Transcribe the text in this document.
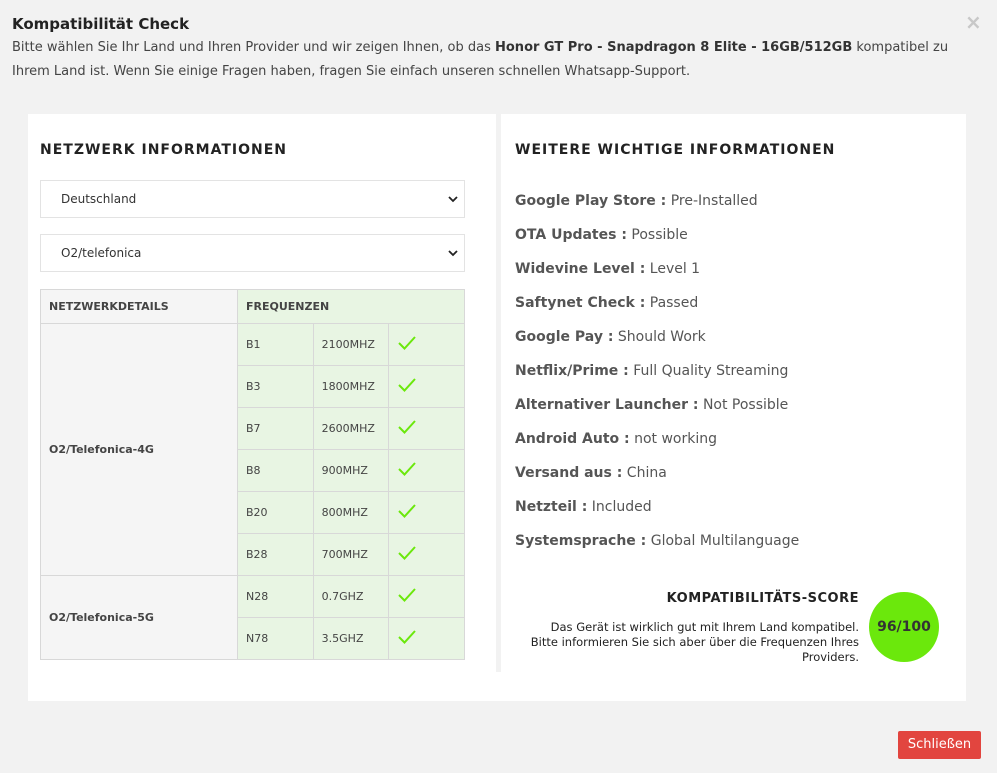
Kompatibilität Check
Bitte wählen Sie Ihr Land und Ihren Provider und wir zeigen Ihnen, ob das Honor GT Pro - Snapdragon 8 Elite - 16GB/512GB kompatibel zu Ihrem Land ist. Wenn Sie einige Fragen haben, fragen Sie einfach unseren schnellen Whatsapp-Support.
×
NETZWERK INFORMATIONEN
Deutschland
O2/telefonica
NETZWERKDETAILS	FREQUENZEN		
O2/Telefonica-4G	B1	2100MHZ	
	B3	1800MHZ	
	B7	2600MHZ	
	B8	900MHZ	
	B20	800MHZ	
	B28	700MHZ	
O2/Telefonica-5G	N28	0.7GHZ	
	N78	3.5GHZ	
WEITERE WICHTIGE INFORMATIONEN
Google Play Store : Pre-Installed
OTA Updates : Possible
Widevine Level : Level 1
Saftynet Check : Passed
Google Pay : Should Work
Netflix/Prime : Full Quality Streaming
Alternativer Launcher : Not Possible
Android Auto : not working
Versand aus : China
Netzteil : Included
Systemsprache : Global Multilanguage
KOMPATIBILITÄTS-SCORE
Das Gerät ist wirklich gut mit Ihrem Land kompatibel. Bitte informieren Sie sich aber über die Frequenzen Ihres Providers.
96/100
Schließen
